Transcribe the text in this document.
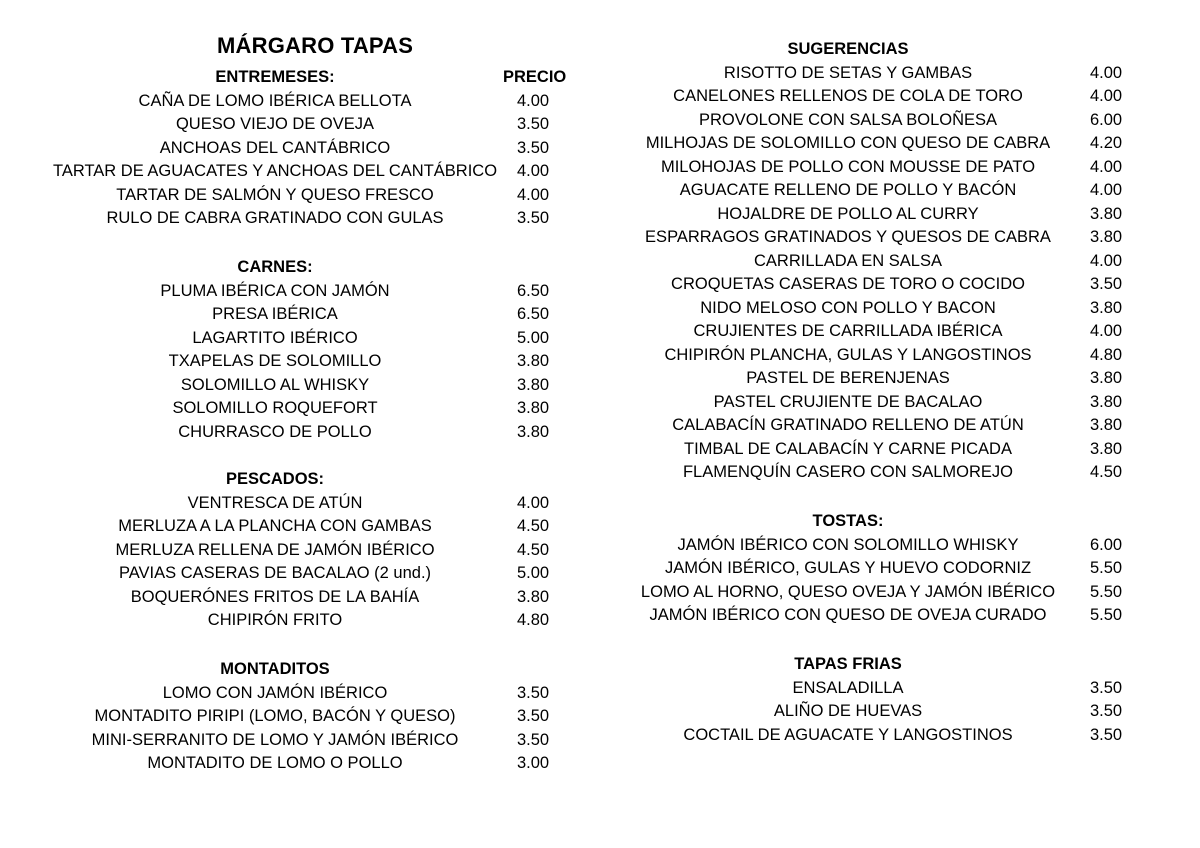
MÁRGARO TAPAS
PRECIO
ENTREMESES:
CAÑA DE LOMO IBÉRICA BELLOTA	4.00
QUESO VIEJO DE OVEJA	3.50
ANCHOAS DEL CANTÁBRICO	3.50
TARTAR DE AGUACATES Y ANCHOAS DEL CANTÁBRICO 4.00
TARTAR DE SALMÓN Y QUESO FRESCO	4.00
RULO DE CABRA GRATINADO CON GULAS	3.50
CARNES:
PLUMA IBÉRICA CON JAMÓN	6.50
PRESA IBÉRICA	6.50
LAGARTITO IBÉRICO	5.00
TXAPELAS DE SOLOMILLO	3.80
SOLOMILLO AL WHISKY	3.80
SOLOMILLO ROQUEFORT	3.80
CHURRASCO DE POLLO	3.80
PESCADOS:
VENTRESCA DE ATÚN	4.00
MERLUZA A LA PLANCHA CON GAMBAS	4.50
MERLUZA RELLENA DE JAMÓN IBÉRICO	4.50
PAVIAS CASERAS DE BACALAO (2 und.)	5.00
BOQUERÓNES FRITOS DE LA BAHÍA	3.80
CHIPIRÓN FRITO	4.80
MONTADITOS
LOMO CON JAMÓN IBÉRICO	3.50
MONTADITO PIRIPI (LOMO, BACÓN Y QUESO)	3.50
MINI-SERRANITO DE LOMO Y JAMÓN IBÉRICO	3.50
MONTADITO DE LOMO O POLLO	3.00
SUGERENCIAS
RISOTTO DE SETAS Y GAMBAS	4.00
CANELONES RELLENOS DE COLA DE TORO	4.00
PROVOLONE CON SALSA BOLOÑESA	6.00
MILHOJAS DE SOLOMILLO CON QUESO DE CABRA 4.20
MILOHOJAS DE POLLO CON MOUSSE DE PATO	4.00
AGUACATE RELLENO DE POLLO Y BACÓN	4.00
HOJALDRE DE POLLO AL CURRY	3.80
ESPARRAGOS GRATINADOS Y QUESOS DE CABRA 3.80
CARRILLADA EN SALSA	4.00
CROQUETAS CASERAS DE TORO O COCIDO	3.50
NIDO MELOSO CON POLLO Y BACON	3.80
CRUJIENTES DE CARRILLADA IBÉRICA	4.00
CHIPIRÓN PLANCHA, GULAS Y LANGOSTINOS	4.80
PASTEL DE BERENJENAS	3.80
PASTEL CRUJIENTE DE BACALAO	3.80
CALABACÍN GRATINADO RELLENO DE ATÚN	3.80
TIMBAL DE CALABACÍN Y CARNE PICADA	3.80
FLAMENQUÍN CASERO CON SALMOREJO	4.50
TOSTAS:
JAMÓN IBÉRICO CON SOLOMILLO WHISKY	6.00
JAMÓN IBÉRICO, GULAS Y HUEVO CODORNIZ	5.50
LOMO AL HORNO, QUESO OVEJA Y JAMÓN IBÉRICO 5.50
JAMÓN IBÉRICO CON QUESO DE OVEJA CURADO	5.50
TAPAS FRIAS
ENSALADILLA	3.50
ALIÑO DE HUEVAS	3.50
COCTAIL DE AGUACATE Y LANGOSTINOS	3.50
